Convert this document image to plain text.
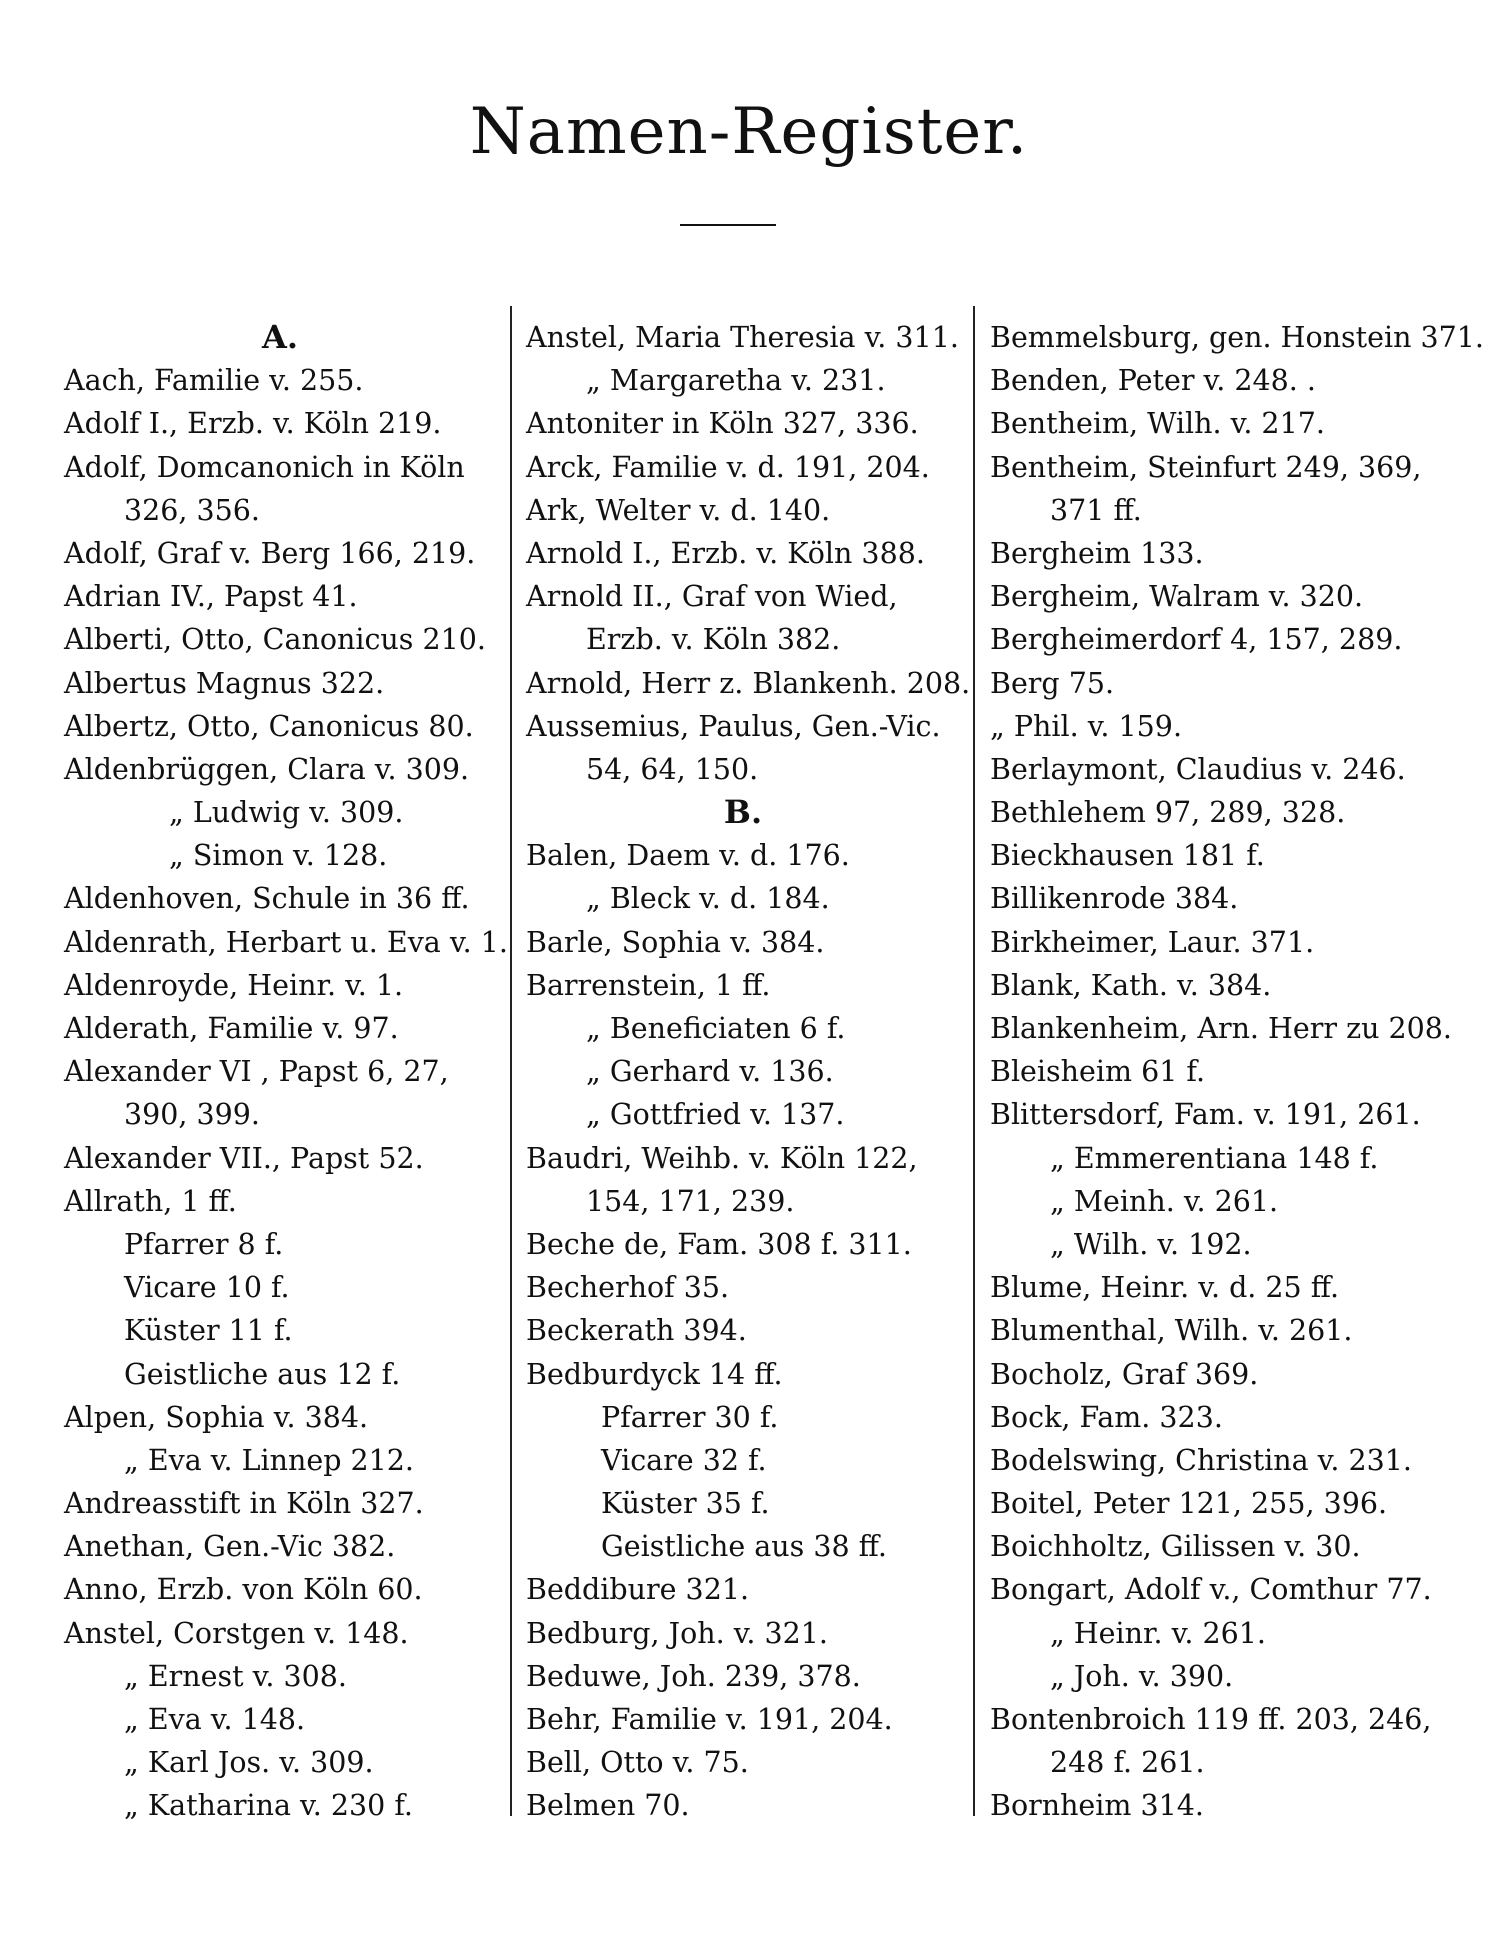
Namen-Register.
A.
Aach, Familie v. 255.
Adolf I., Erzb. v. Köln 219.
Adolf, Domcanonich in Köln
326, 356.
Adolf, Graf v. Berg 166, 219.
Adrian IV., Papst 41.
Alberti, Otto, Canonicus 210.
Albertus Magnus 322.
Albertz, Otto, Canonicus 80.
Aldenbrüggen, Clara v. 309.
„ Ludwig v. 309.
„ Simon v. 128.
Aldenhoven, Schule in 36 ff.
Aldenrath, Herbart u. Eva v. 1.
Aldenroyde, Heinr. v. 1.
Alderath, Familie v. 97.
Alexander VI , Papst 6, 27,
390, 399.
Alexander VII., Papst 52.
Allrath, 1 ff.
Pfarrer 8 f.
Vicare 10 f.
Küster 11 f.
Geistliche aus 12 f.
Alpen, Sophia v. 384.
„ Eva v. Linnep 212.
Andreasstift in Köln 327.
Anethan, Gen.-Vic 382.
Anno, Erzb. von Köln 60.
Anstel, Corstgen v. 148.
„ Ernest v. 308.
„ Eva v. 148.
„ Karl Jos. v. 309.
„ Katharina v. 230 f.
Anstel, Maria Theresia v. 311.
„ Margaretha v. 231.
Antoniter in Köln 327, 336.
Arck, Familie v. d. 191, 204.
Ark, Welter v. d. 140.
Arnold I., Erzb. v. Köln 388.
Arnold II., Graf von Wied,
Erzb. v. Köln 382.
Arnold, Herr z. Blankenh. 208.
Aussemius, Paulus, Gen.-Vic.
54, 64, 150.
B.
Balen, Daem v. d. 176.
„ Bleck v. d. 184.
Barle, Sophia v. 384.
Barrenstein, 1 ff.
„ Beneficiaten 6 f.
„ Gerhard v. 136.
„ Gottfried v. 137.
Baudri, Weihb. v. Köln 122,
154, 171, 239.
Beche de, Fam. 308 f. 311.
Becherhof 35.
Beckerath 394.
Bedburdyck 14 ff.
Pfarrer 30 f.
Vicare 32 f.
Küster 35 f.
Geistliche aus 38 ff.
Beddibure 321.
Bedburg, Joh. v. 321.
Beduwe, Joh. 239, 378.
Behr, Familie v. 191, 204.
Bell, Otto v. 75.
Belmen 70.
Bemmelsburg, gen. Honstein 371.
Benden, Peter v. 248. .
Bentheim, Wilh. v. 217.
Bentheim, Steinfurt 249, 369,
371 ff.
Bergheim 133.
Bergheim, Walram v. 320.
Bergheimerdorf 4, 157, 289.
Berg 75.
„ Phil. v. 159.
Berlaymont, Claudius v. 246.
Bethlehem 97, 289, 328.
Bieckhausen 181 f.
Billikenrode 384.
Birkheimer, Laur. 371.
Blank, Kath. v. 384.
Blankenheim, Arn. Herr zu 208.
Bleisheim 61 f.
Blittersdorf, Fam. v. 191, 261.
„ Emmerentiana 148 f.
„ Meinh. v. 261.
„ Wilh. v. 192.
Blume, Heinr. v. d. 25 ff.
Blumenthal, Wilh. v. 261.
Bocholz, Graf 369.
Bock, Fam. 323.
Bodelswing, Christina v. 231.
Boitel, Peter 121, 255, 396.
Boichholtz, Gilissen v. 30.
Bongart, Adolf v., Comthur 77.
„ Heinr. v. 261.
„ Joh. v. 390.
Bontenbroich 119 ff. 203, 246,
248 f. 261.
Bornheim 314.
